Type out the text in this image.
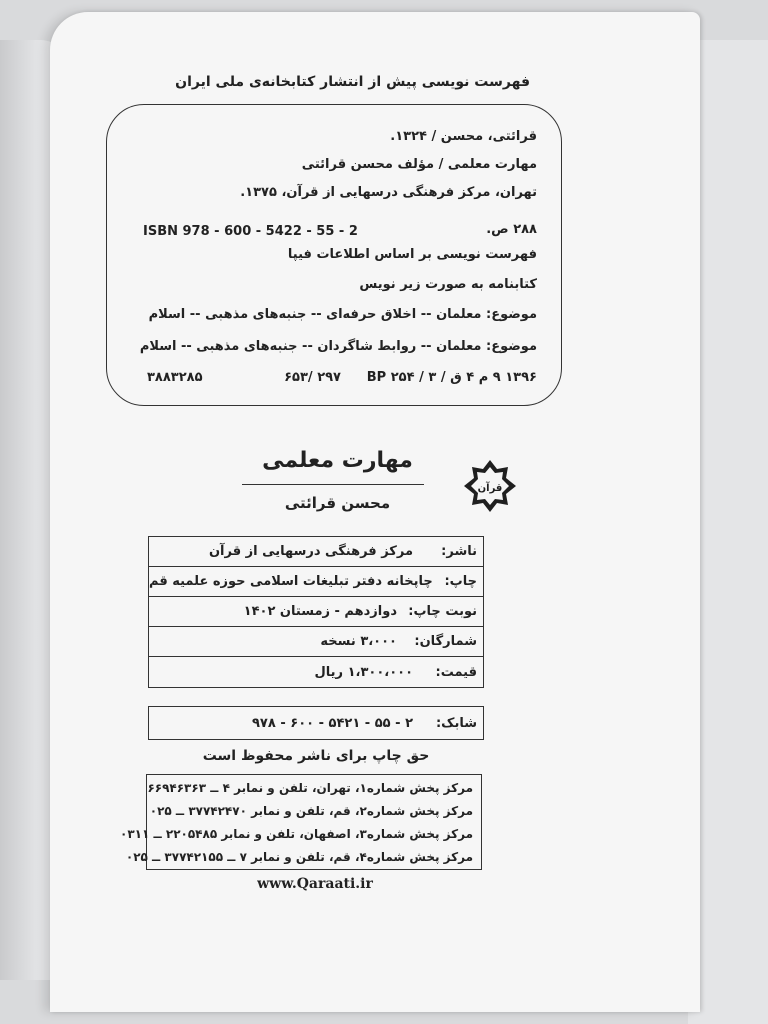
فهرست نویسی پیش از انتشار کتابخانه‌ی ملی ایران
قرائتی، محسن / ۱۳۲۴.
مهارت معلمی / مؤلف محسن قرائتی
تهران، مرکز فرهنگی درسهایی از قرآن، ۱۳۷۵.
۲۸۸ ص.
ISBN 978 - 600 - 5422 - 55 - 2
فهرست نویسی بر اساس اطلاعات فیپا
کتابنامه به صورت زیر نویس
موضوع: معلمان -- اخلاق حرفه‌ای -- جنبه‌های مذهبی -- اسلام
موضوع: معلمان -- روابط شاگردان -- جنبه‌های مذهبی -- اسلام
۱۳۹۶ ۹ م ۴ ق / ۳ / BP ۲۵۴
۲۹۷ /۶۵۳
۳۸۸۳۲۸۵
مهارت معلمی
محسن قرائتی
قرآن
ناشر:
مرکز فرهنگی درسهایی از قرآن
چاپ:
چاپخانه دفتر تبلیغات اسلامی حوزه علمیه قم
نوبت چاپ:
دوازدهم - زمستان ۱۴۰۲
شمارگان:
۳،۰۰۰ نسخه
قیمت:
۱،۳۰۰،۰۰۰ ریال
شابک:
۲ - ۵۵ - ۵۴۲۱ - ۶۰۰ - ۹۷۸
حق چاپ برای ناشر محفوظ است
مرکز پخش شماره۱، تهران، تلفن و نمابر ۴ ــ ۶۶۹۴۶۳۶۳
مرکز پخش شماره۲، قم، تلفن و نمابر ۳۷۷۴۲۴۷۰ ــ ۰۲۵
مرکز پخش شماره۳، اصفهان، تلفن و نمابر ۲۲۰۵۴۸۵ ــ ۰۳۱۱
مرکز پخش شماره۴، قم، تلفن و نمابر ۷ ــ ۳۷۷۴۲۱۵۵ ــ ۰۲۵
www.Qaraati.ir
